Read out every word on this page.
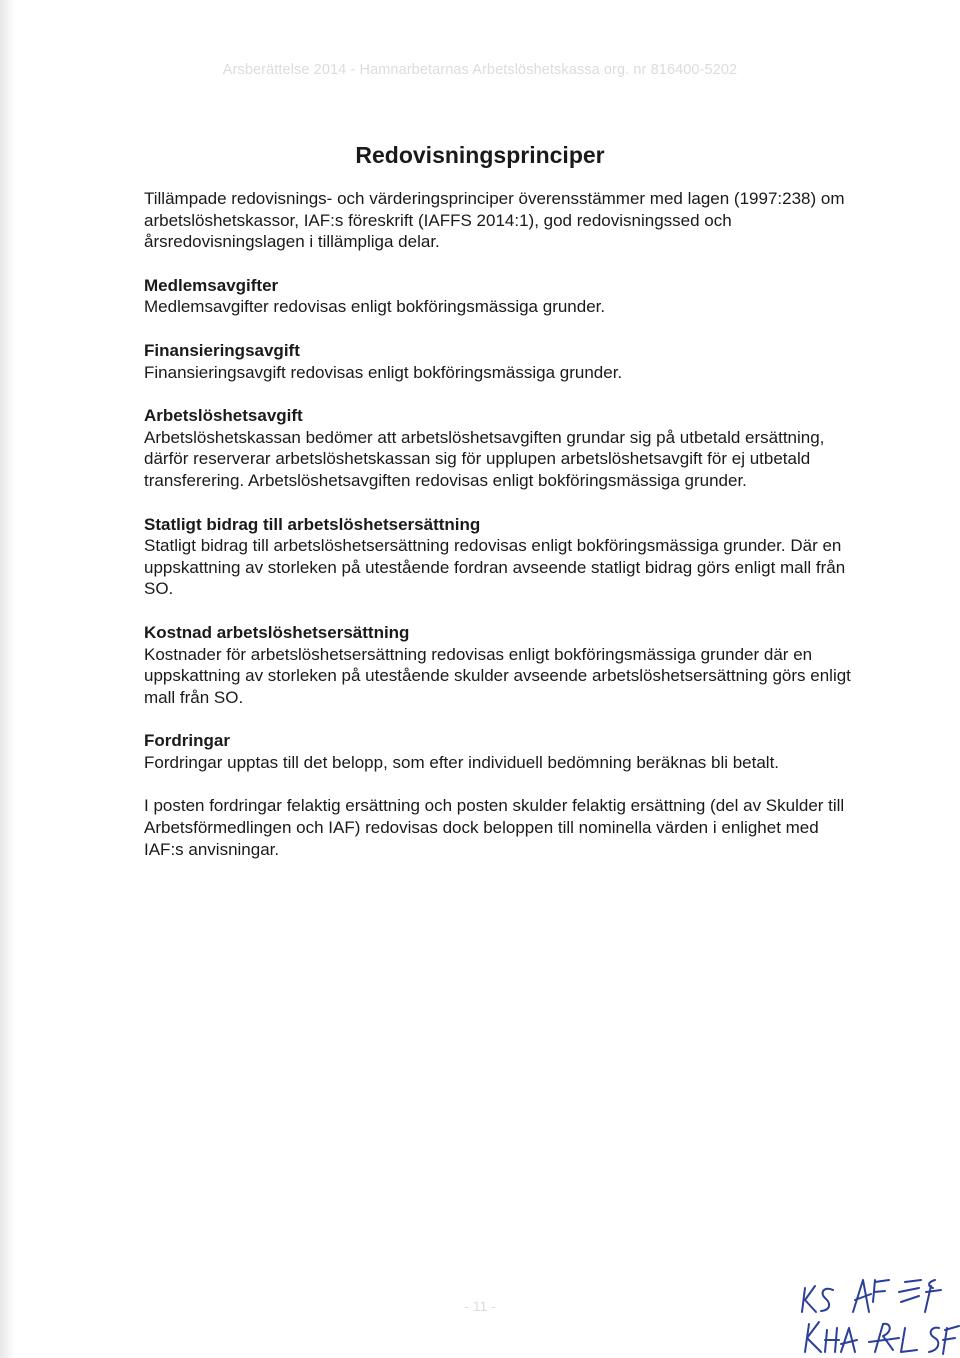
Arsberättelse 2014 - Hamnarbetarnas Arbetslöshetskassa org. nr 816400-5202
Redovisningsprinciper

Tillämpade redovisnings- och värderingsprinciper överensstämmer med lagen (1997:238) om arbetslöshetskassor, IAF:s föreskrift (IAFFS 2014:1), god redovisningssed och årsredovisningslagen i tillämpliga delar.

Medlemsavgifter

Medlemsavgifter redovisas enligt bokföringsmässiga grunder.

Finansieringsavgift

Finansieringsavgift redovisas enligt bokföringsmässiga grunder.

Arbetslöshetsavgift

Arbetslöshetskassan bedömer att arbetslöshetsavgiften grundar sig på utbetald ersättning, därför reserverar arbetslöshetskassan sig för upplupen arbetslöshetsavgift för ej utbetald transferering. Arbetslöshetsavgiften redovisas enligt bokföringsmässiga grunder.

Statligt bidrag till arbetslöshetsersättning

Statligt bidrag till arbetslöshetsersättning redovisas enligt bokföringsmässiga grunder. Där en uppskattning av storleken på utestående fordran avseende statligt bidrag görs enligt mall från SO.

Kostnad arbetslöshetsersättning

Kostnader för arbetslöshetsersättning redovisas enligt bokföringsmässiga grunder där en uppskattning av storleken på utestående skulder avseende arbetslöshetsersättning görs enligt mall från SO.

Fordringar

Fordringar upptas till det belopp, som efter individuell bedömning beräknas bli betalt.

I posten fordringar felaktig ersättning och posten skulder felaktig ersättning (del av Skulder till Arbetsförmedlingen och IAF) redovisas dock beloppen till nominella värden i enlighet med IAF:s anvisningar.

- 11 -
